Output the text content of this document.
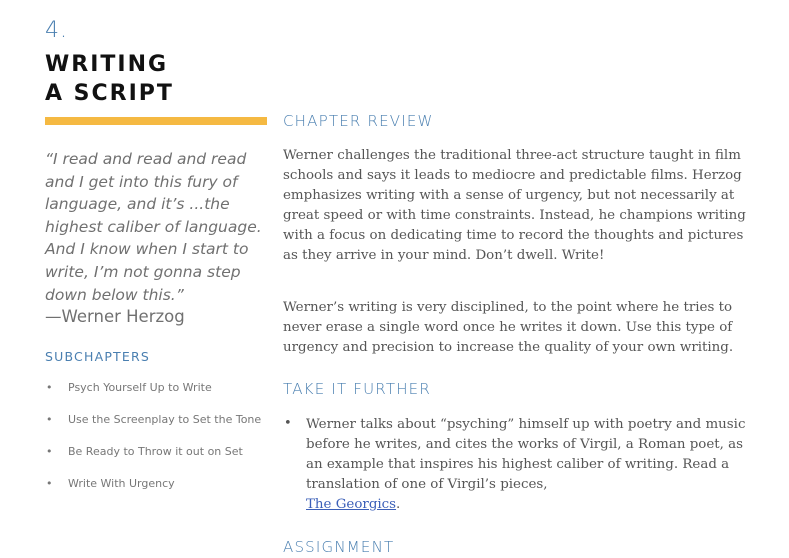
4.
WRITING
A SCRIPT
“I read and read and read and I get into this fury of language, and it’s ...the highest caliber of language. And I know when I start to write, I’m not gonna step down below this.”
—Werner Herzog
SUBCHAPTERS
• Psych Yourself Up to Write
• Use the Screenplay to Set the Tone
• Be Ready to Throw it out on Set
• Write With Urgency
CHAPTER REVIEW
Werner challenges the traditional three-act structure taught in film schools and says it leads to mediocre and predictable films. Herzog emphasizes writing with a sense of urgency, but not necessarily at great speed or with time constraints. Instead, he champions writing with a focus on dedicating time to record the thoughts and pictures as they arrive in your mind. Don’t dwell. Write!
Werner’s writing is very disciplined, to the point where he tries to never erase a single word once he writes it down. Use this type of urgency and precision to increase the quality of your own writing.
TAKE IT FURTHER
• Werner talks about “psyching” himself up with poetry and music before he writes, and cites the works of Virgil, a Roman poet, as an example that inspires his highest caliber of writing. Read a translation of one of Virgil’s pieces,
The Georgics.
ASSIGNMENT
